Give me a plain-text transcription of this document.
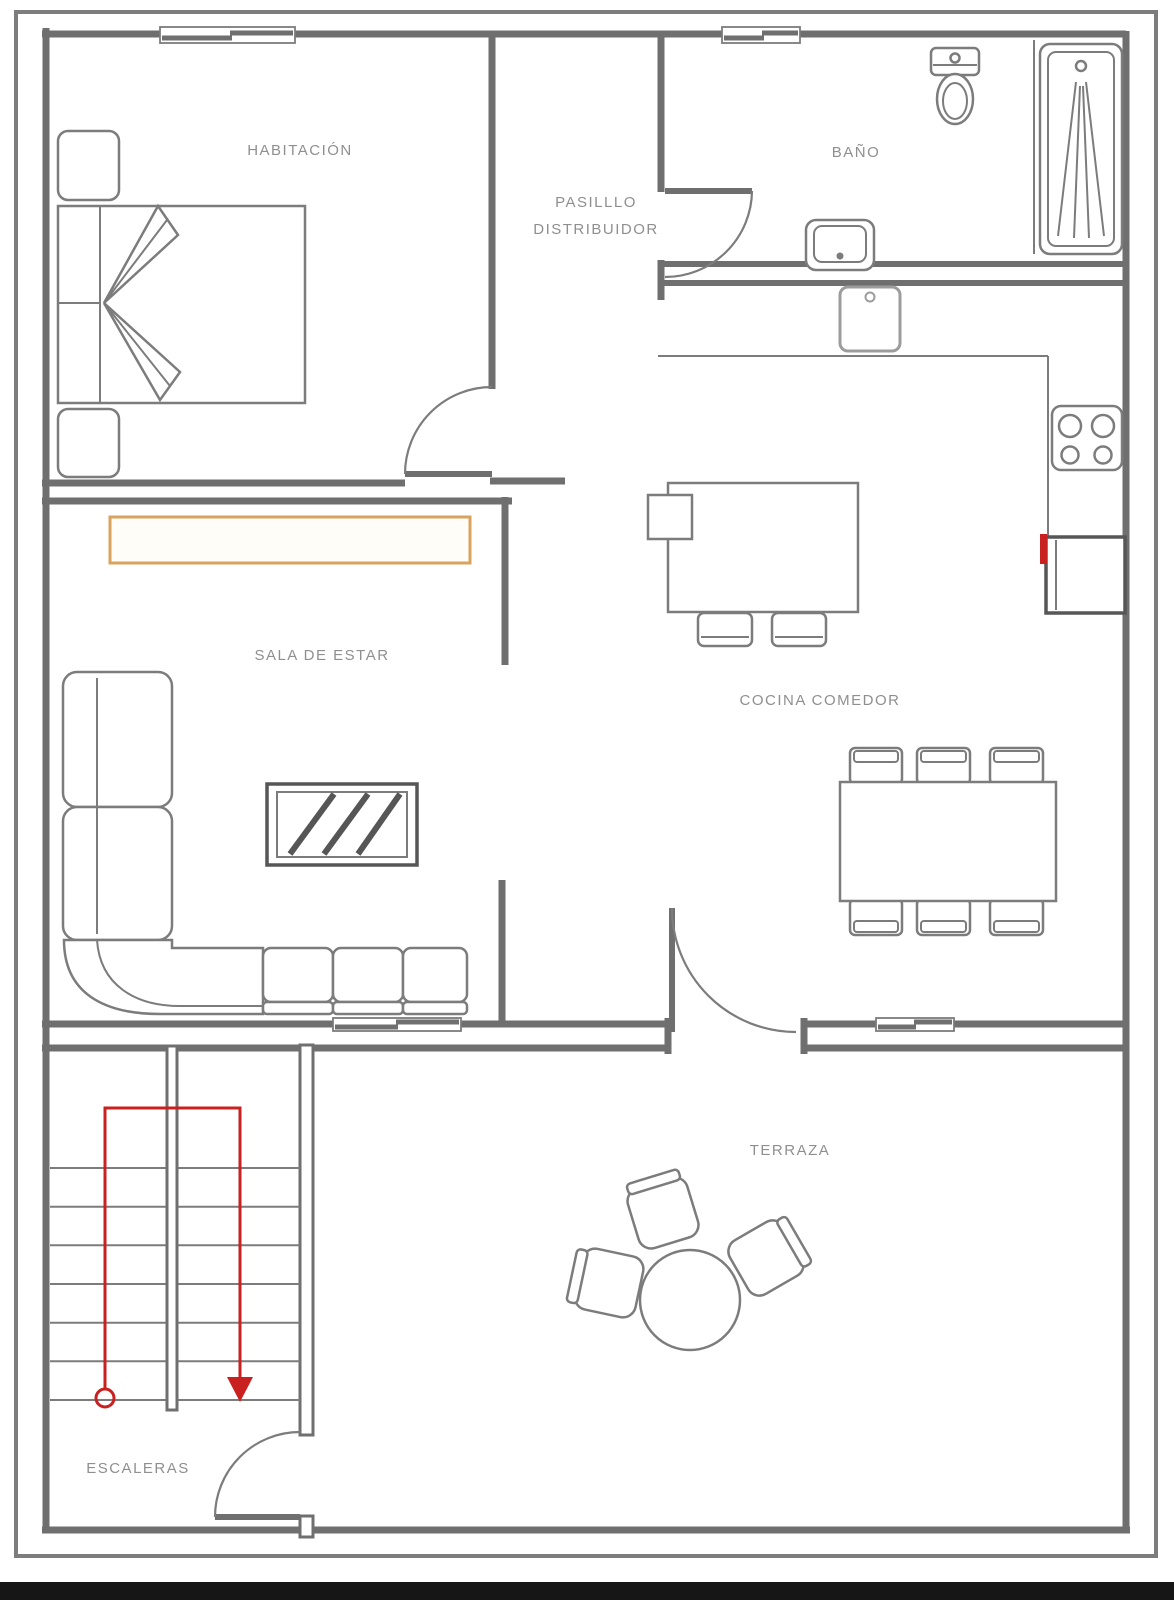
HABITACIÓN
PASILLLO
DISTRIBUIDOR
BAÑO
COCINA COMEDOR
SALA DE ESTAR
ESCALERAS
TERRAZA
